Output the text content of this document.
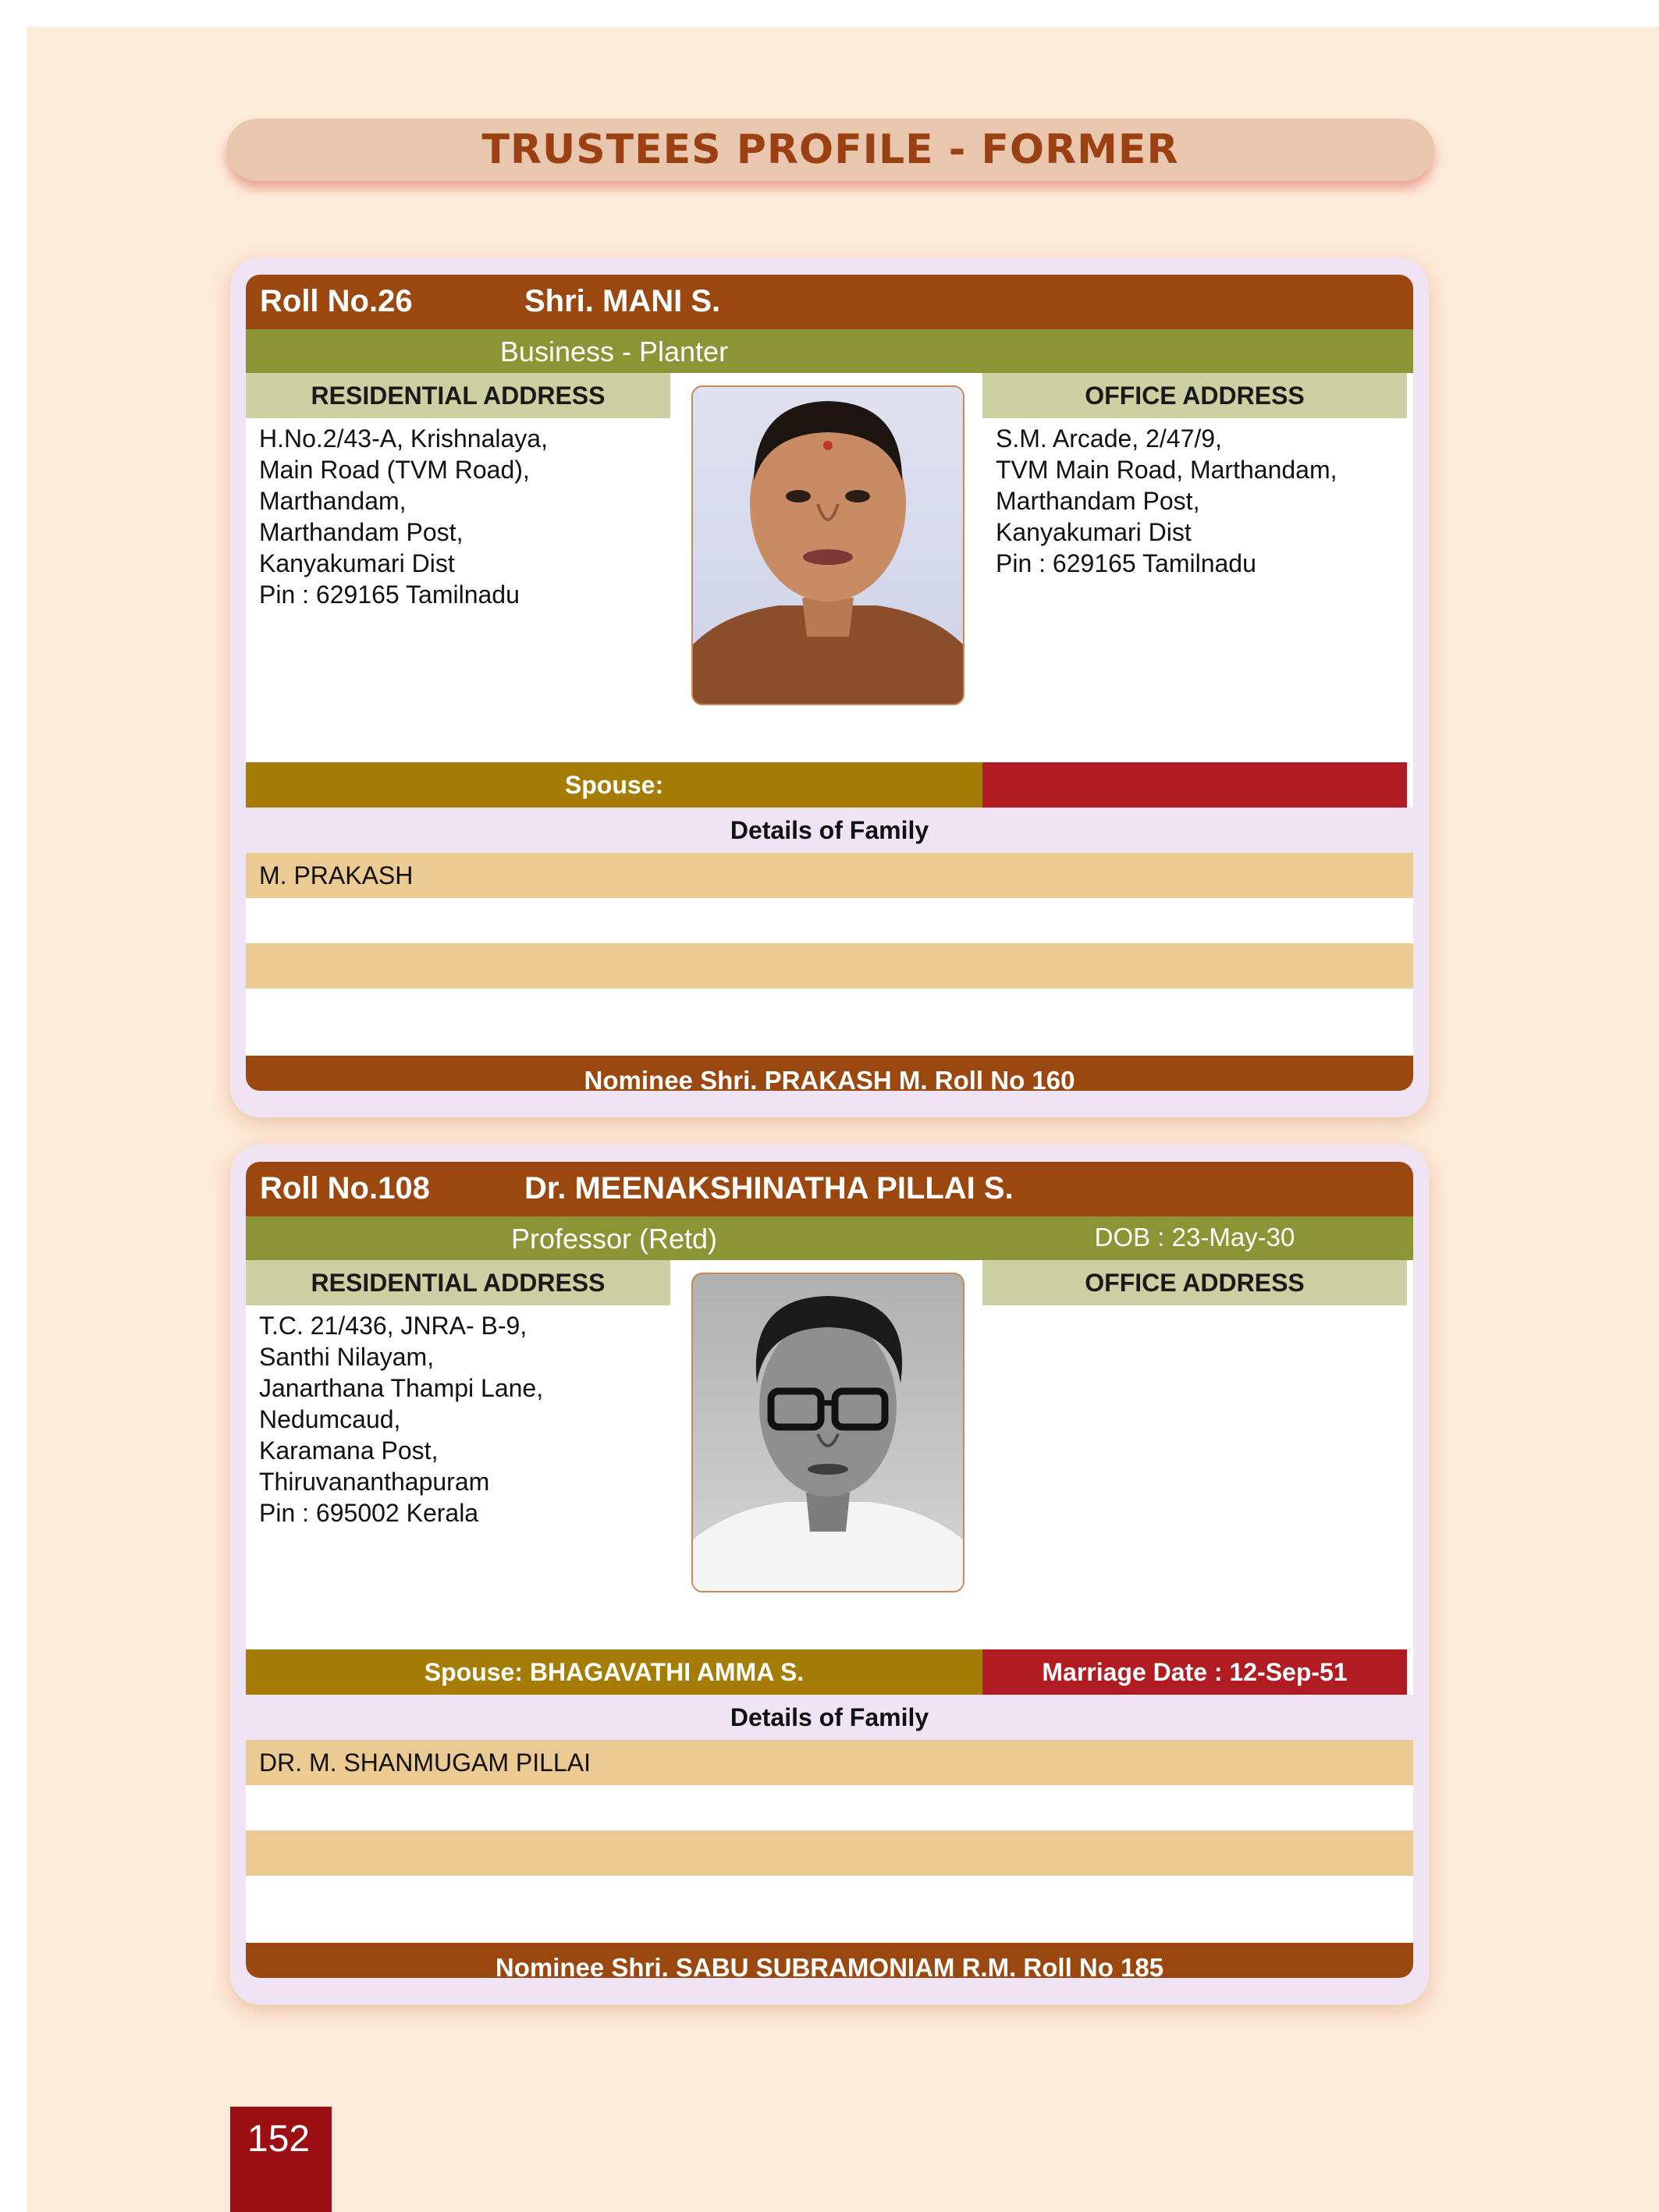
TRUSTEES PROFILE - FORMER
Roll No.26	Shri. MANI S.
Business - Planter
RESIDENTIAL ADDRESS	OFFICE ADDRESS
H.No.2/43-A, Krishnalaya,
Main Road (TVM Road),
Marthandam,
Marthandam Post,
Kanyakumari Dist
Pin : 629165 Tamilnadu
S.M. Arcade, 2/47/9,
TVM Main Road, Marthandam,
Marthandam Post,
Kanyakumari Dist
Pin : 629165 Tamilnadu
Spouse:
Details of Family
M. PRAKASH
Nominee Shri. PRAKASH M. Roll No 160
Roll No.108	Dr. MEENAKSHINATHA PILLAI S.
Professor (Retd)	DOB : 23-May-30
RESIDENTIAL ADDRESS	OFFICE ADDRESS
T.C. 21/436, JNRA- B-9,
Santhi Nilayam,
Janarthana Thampi Lane,
Nedumcaud,
Karamana Post,
Thiruvananthapuram
Pin : 695002 Kerala
Spouse: BHAGAVATHI AMMA S.	Marriage Date : 12-Sep-51
Details of Family
DR. M. SHANMUGAM PILLAI
Nominee Shri. SABU SUBRAMONIAM R.M. Roll No 185
152
